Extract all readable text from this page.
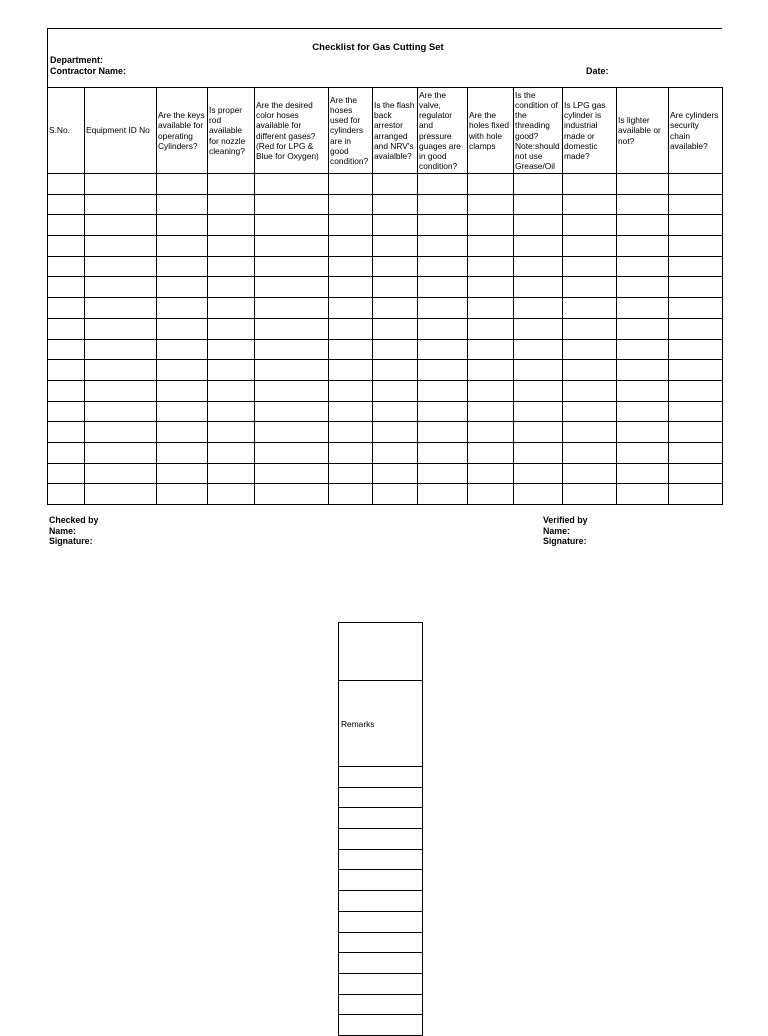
Checklist for Gas Cutting Set
Department:
Contractor Name:	Date:
S.No.	Equipment ID No	Are the keys available for operating Cylinders?	Is proper rod available for nozzle cleaning?	Are the desired color hoses available for different gases? (Red for LPG & Blue for Oxygen)	Are the hoses used for cylinders are in good condition?	Is the flash back arrestor arranged and NRV's avaialble?	Are the valve, regulator and pressure guages are in good condition?	Are the holes fixed with hole clamps	Is the condition of the threading good? Note:should not use Grease/Oil	Is LPG gas cylinder is industrial made or domestic made?	Is lighter available or not?	Are cylinders security chain available?

Checked by
Name:
Signature:
Verified by
Name:
Signature:

Remarks
